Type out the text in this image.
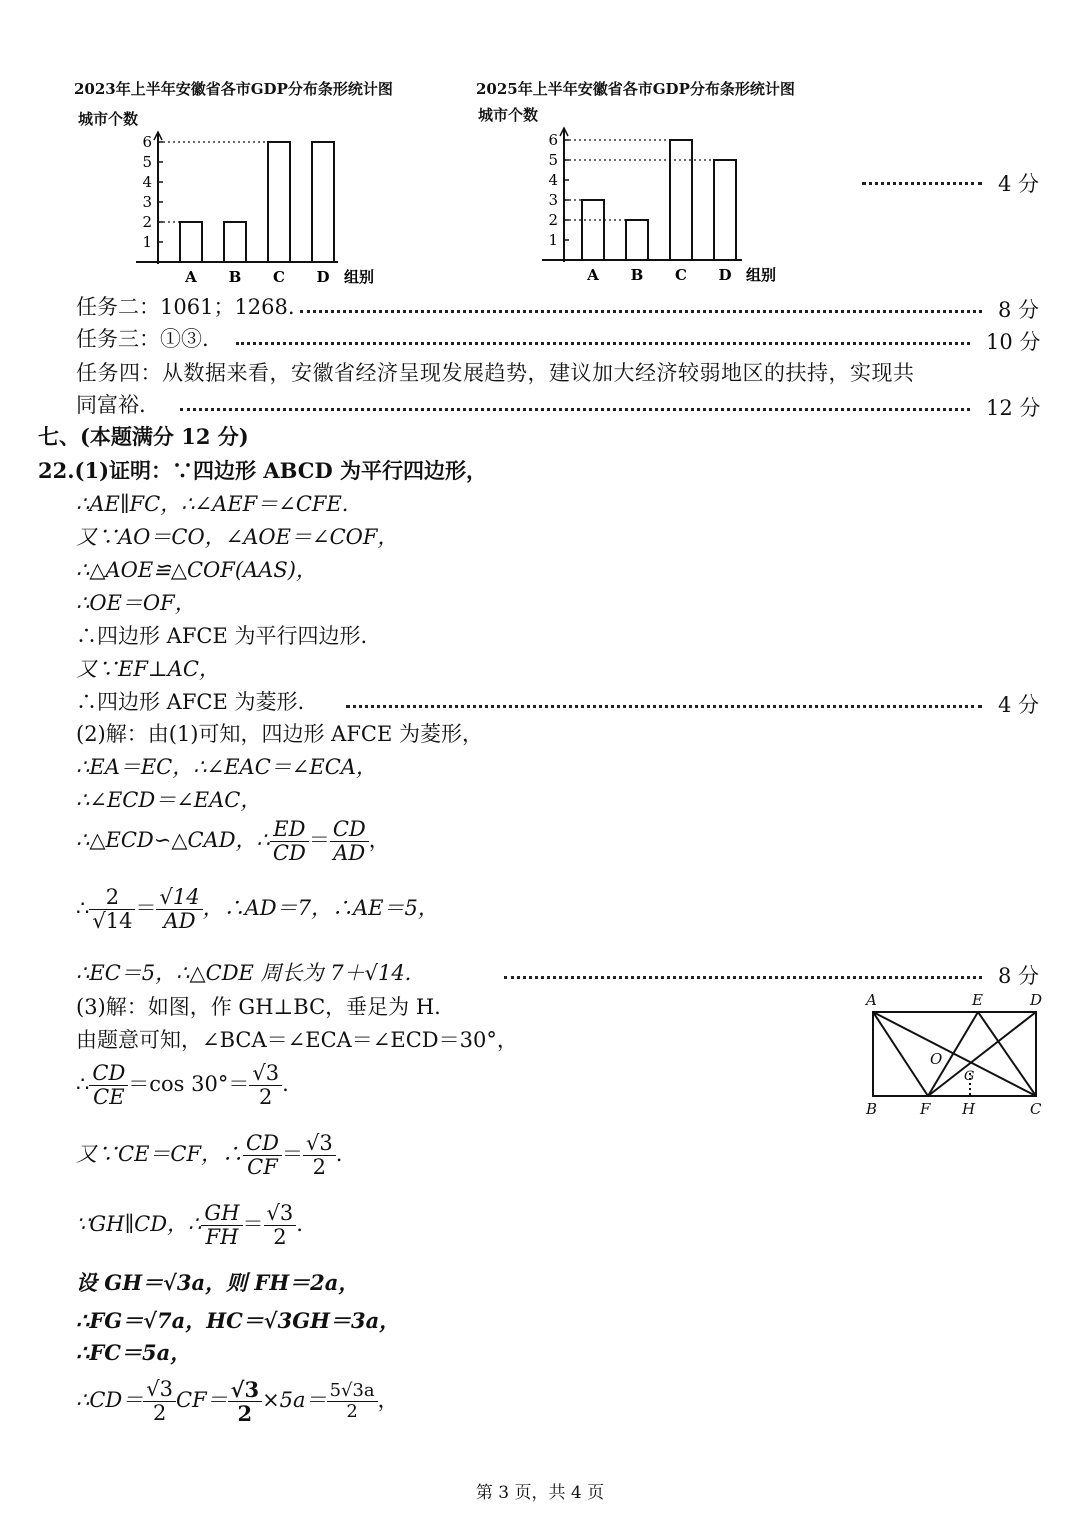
2023年上半年安徽省各市GDP分布条形统计图
城市个数
1
2
3
4
5
6
A B C D 组别
2025年上半年安徽省各市GDP分布条形统计图
城市个数
1
2
3
4
5
6
A B C D 组别
4 分
任务二：1061；1268.	8 分
任务三：①③.	10 分
任务四：从数据来看，安徽省经济呈现发展趋势，建议加大经济较弱地区的扶持，实现共
同富裕.	12 分
七、(本题满分 12 分)
22.(1)证明：∵四边形 ABCD 为平行四边形，
∴AE∥FC，∴∠AEF＝∠CFE.
又∵AO＝CO，∠AOE＝∠COF，
∴△AOE≌△COF(AAS)，
∴OE＝OF，
∴四边形 AFCE 为平行四边形.
又∵EF⊥AC，
∴四边形 AFCE 为菱形.	4 分
(2)解：由(1)可知，四边形 AFCE 为菱形，
∴EA＝EC，∴∠EAC＝∠ECA，
∴∠ECD＝∠EAC，
∴△ECD∽△CAD，∴ $\frac{ED}{CD} = \frac{CD}{AD}$ ，
∴ $\frac{2}{√14} = \frac{√14}{AD}$ ，∴AD＝7，∴AE＝5，
∴EC＝5，∴△CDE 周长为 7＋√14.	8 分
(3)解：如图，作 GH⊥BC，垂足为 H.
由题意可知，∠BCA＝∠ECA＝∠ECD＝30°，
∴ $\frac{CD}{CE} =\cos$ $30^\circ= \frac{√3}{2}$ .
又∵CE＝CF，∴ $\frac{CD}{CF} = \frac{√3}{2}$ .
∵GH∥CD，∴ $\frac{GH}{FH} = \frac{√3}{2}$ .
设 GH＝√3a，则 FH＝2a，
∴FG＝√7a，HC＝√3GH＝3a，
∴FC＝5a，
∴CD＝ $\frac{√3}{2} CF= \frac{√3}{2} \times 5a= \frac{5√3a}{2}$ ，
A	E	D
O
G
B	F H	C
第 3 页，共 4 页
